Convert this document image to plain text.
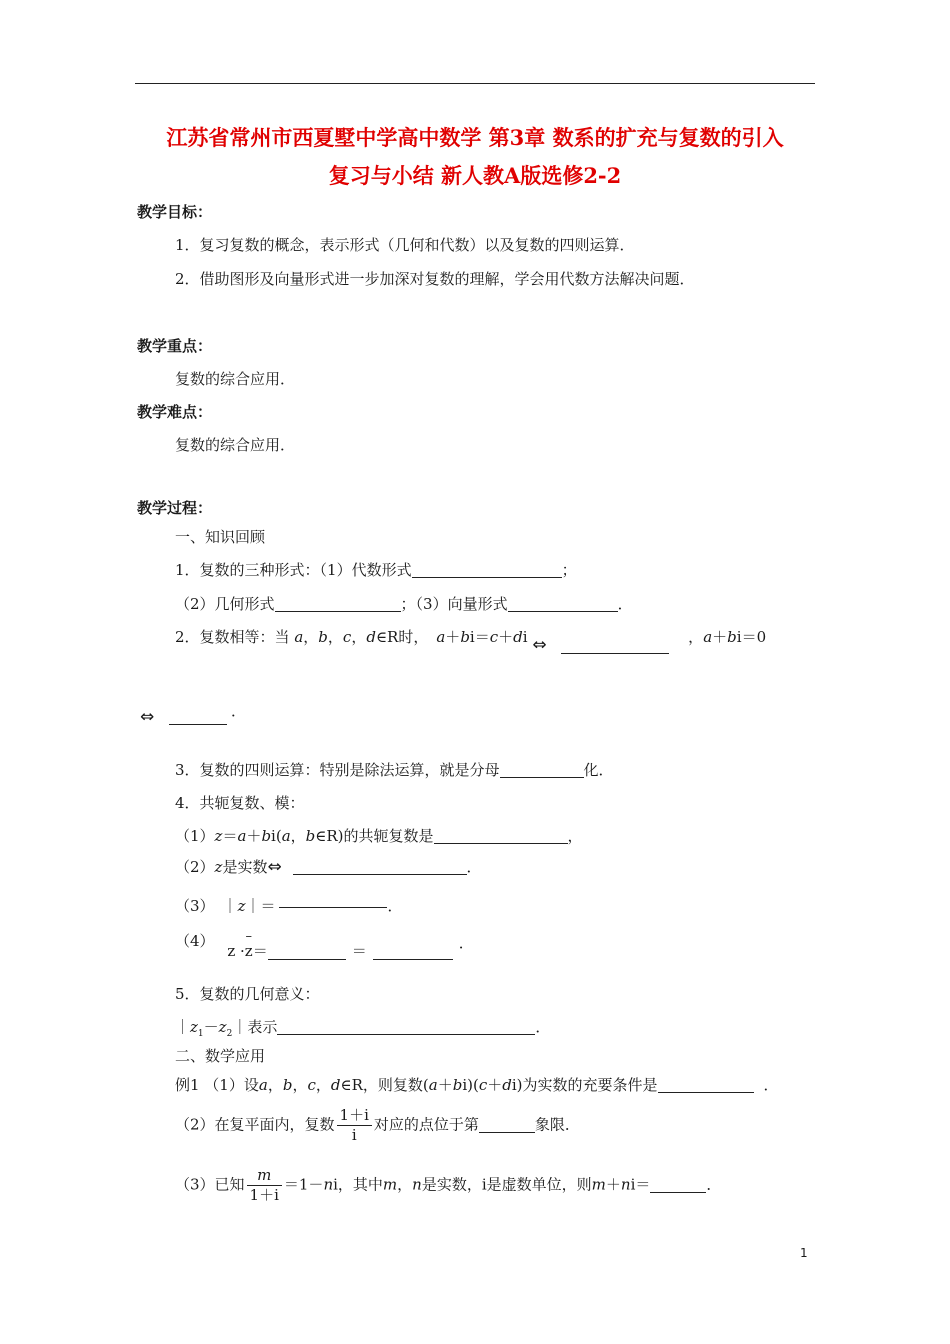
江苏省常州市西夏墅中学高中数学 第3章 数系的扩充与复数的引入
复习与小结 新人教A版选修2-2
教学目标：
1．复习复数的概念，表示形式（几何和代数）以及复数的四则运算．
2．借助图形及向量形式进一步加深对复数的理解，学会用代数方法解决问题．
教学重点：
复数的综合应用．
教学难点：
复数的综合应用．
教学过程：
一、知识回顾
1．复数的三种形式：（1）代数形式	；
（2）几何形式	；（3）向量形式	．
2．复数相等：当 a，b，c，d∈R时， a＋bi＝c＋di ⇔	，a＋bi＝0
⇔	．
3．复数的四则运算：特别是除法运算，就是分母	化．
4．共轭复数、模：
（1）z＝a＋bi(a，b∈R)的共轭复数是	，
（2）z是实数⇔	．
（3） ｜z｜＝	．
（4） z ·
–
z＝	＝	．
5．复数的几何意义：
$|z_1-z_2|$表示	．
二、数学应用
例1 （1）设a，b，c，d∈R，则复数(a＋bi)(c＋di)为实数的充要条件是	．
（2）在复平面内，复数 $\frac{1+i}{i}$ 对应的点位于第	象限．
（3）已知 $\frac{m}{1+i} =1-ni$，其中m，n是实数，i是虚数单位，则m＋ni＝	．
1
